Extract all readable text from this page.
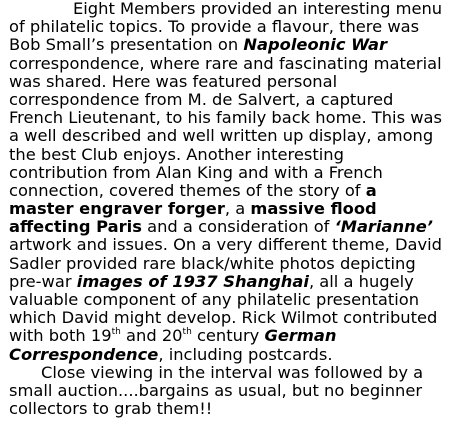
Eight Members provided an interesting menu
of philatelic topics. To provide a flavour, there was
Bob Small’s presentation on Napoleonic War
correspondence, where rare and fascinating material
was shared. Here was featured personal
correspondence from M. de Salvert, a captured
French Lieutenant, to his family back home. This was
a well described and well written up display, among
the best Club enjoys. Another interesting
contribution from Alan King and with a French
connection, covered themes of the story of a
master engraver forger, a massive flood
affecting Paris and a consideration of ‘Marianne’
artwork and issues. On a very different theme, David
Sadler provided rare black/white photos depicting
pre-war images of 1937 Shanghai, all a hugely
valuable component of any philatelic presentation
which David might develop. Rick Wilmot contributed
with both 19th and 20th century German
Correspondence, including postcards.
Close viewing in the interval was followed by a
small auction....bargains as usual, but no beginner
collectors to grab them!!
